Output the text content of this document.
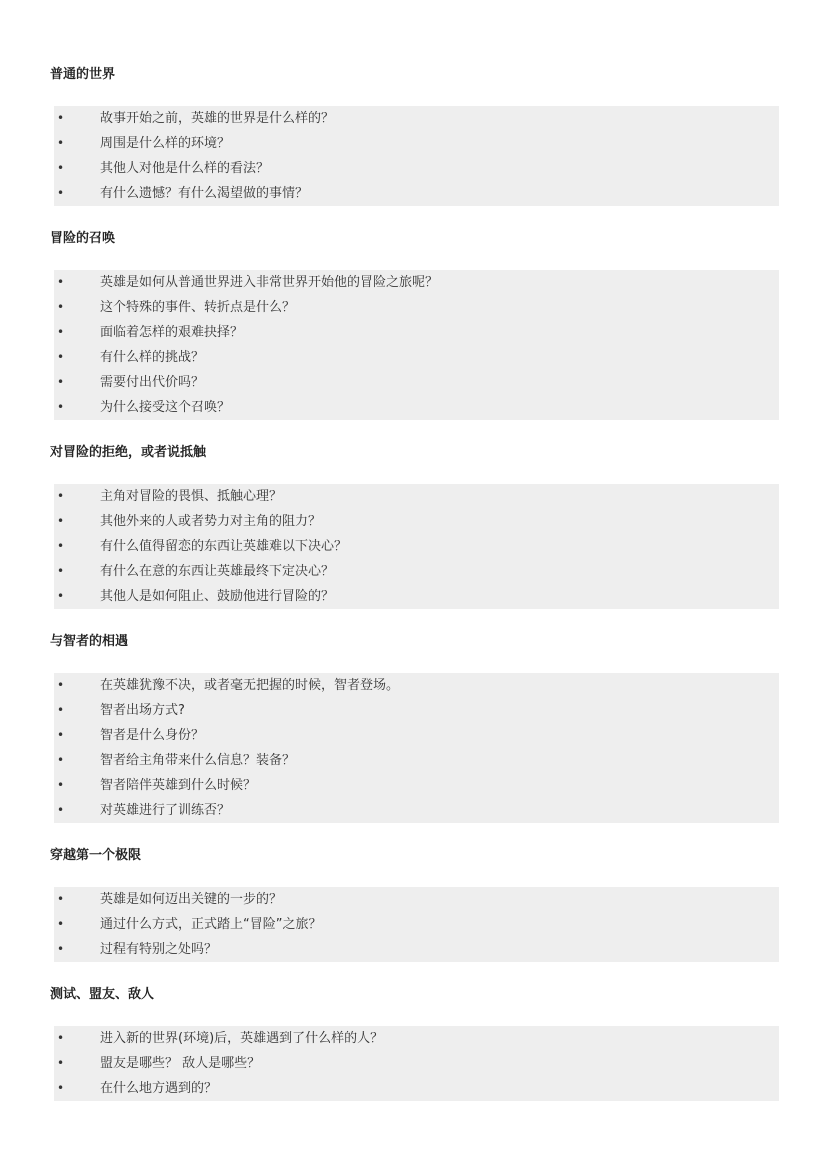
普通的世界
•	故事开始之前，英雄的世界是什么样的？
•	周围是什么样的环境？
•	其他人对他是什么样的看法？
•	有什么遗憾？有什么渴望做的事情？
冒险的召唤
•	英雄是如何从普通世界进入非常世界开始他的冒险之旅呢？
•	这个特殊的事件、转折点是什么？
•	面临着怎样的艰难抉择？
•	有什么样的挑战？
•	需要付出代价吗？
•	为什么接受这个召唤？
对冒险的拒绝，或者说抵触
•	主角对冒险的畏惧、抵触心理？
•	其他外来的人或者势力对主角的阻力？
•	有什么值得留恋的东西让英雄难以下决心？
•	有什么在意的东西让英雄最终下定决心？
•	其他人是如何阻止、鼓励他进行冒险的？
与智者的相遇
•	在英雄犹豫不决，或者毫无把握的时候，智者登场。
•	智者出场方式?
•	智者是什么身份？
•	智者给主角带来什么信息？装备？
•	智者陪伴英雄到什么时候？
•	对英雄进行了训练否？
穿越第一个极限
•	英雄是如何迈出关键的一步的？
•	通过什么方式，正式踏上“冒险”之旅？
•	过程有特别之处吗？
测试、盟友、敌人
•	进入新的世界(环境)后，英雄遇到了什么样的人？
•	盟友是哪些？ 敌人是哪些？
•	在什么地方遇到的？
